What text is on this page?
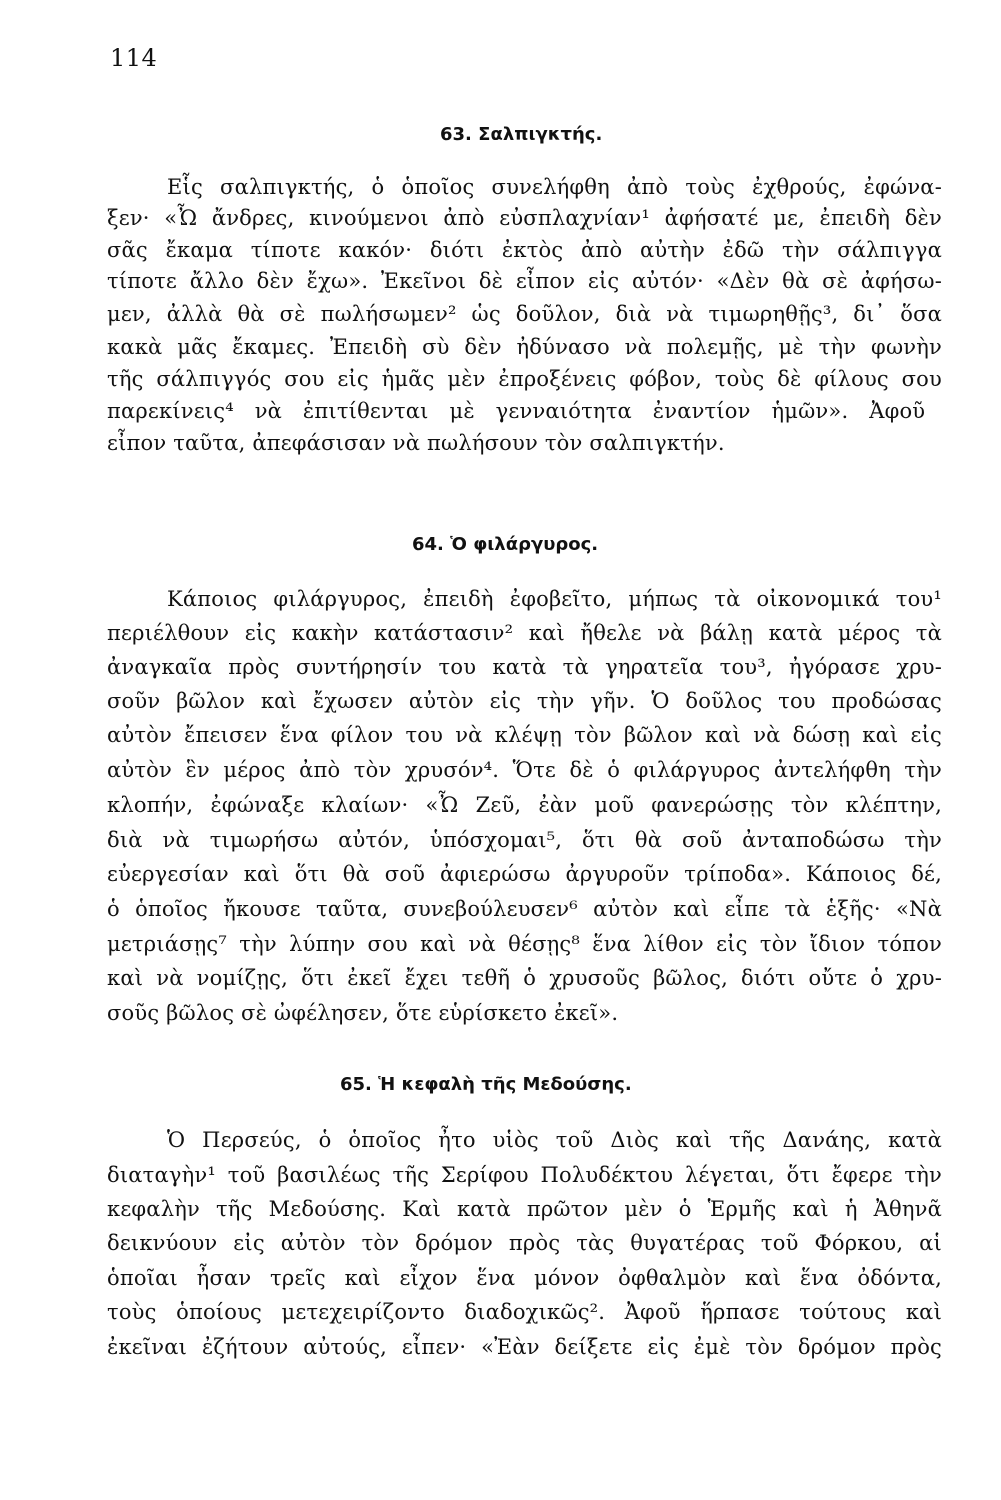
114
63. Σαλπιγκτής.
Εἷς σαλπιγκτής, ὁ ὁποῖος συνελήφθη ἀπὸ τοὺς ἐχθρούς, ἐφώνα-
ξεν· «Ὦ ἄνδρες, κινούμενοι ἀπὸ εὐσπλαχνίαν¹ ἀφήσατέ με, ἐπειδὴ δὲν
σᾶς ἔκαμα τίποτε κακόν· διότι ἐκτὸς ἀπὸ αὐτὴν ἐδῶ τὴν σάλπιγγα
τίποτε ἄλλο δὲν ἔχω». Ἐκεῖνοι δὲ εἶπον εἰς αὐτόν· «Δὲν θὰ σὲ ἀφήσω-
μεν, ἀλλὰ θὰ σὲ πωλήσωμεν² ὡς δοῦλον, διὰ νὰ τιμωρηθῇς³, δι᾽ ὅσα
κακὰ μᾶς ἔκαμες. Ἐπειδὴ σὺ δὲν ἠδύνασο νὰ πολεμῇς, μὲ τὴν φωνὴν
τῆς σάλπιγγός σου εἰς ἡμᾶς μὲν ἐπροξένεις φόβον, τοὺς δὲ φίλους σου
παρεκίνεις⁴ νὰ ἐπιτίθενται μὲ γενναιότητα ἐναντίον ἡμῶν». Ἀφοῦ
εἶπον ταῦτα, ἀπεφάσισαν νὰ πωλήσουν τὸν σαλπιγκτήν.
64. Ὁ φιλάργυρος.
Κάποιος φιλάργυρος, ἐπειδὴ ἐφοβεῖτο, μήπως τὰ οἰκονομικά του¹
περιέλθουν εἰς κακὴν κατάστασιν² καὶ ἤθελε νὰ βάλῃ κατὰ μέρος τὰ
ἀναγκαῖα πρὸς συντήρησίν του κατὰ τὰ γηρατεῖα του³, ἠγόρασε χρυ-
σοῦν βῶλον καὶ ἔχωσεν αὐτὸν εἰς τὴν γῆν. Ὁ δοῦλος του προδώσας
αὐτὸν ἔπεισεν ἕνα φίλον του νὰ κλέψῃ τὸν βῶλον καὶ νὰ δώσῃ καὶ εἰς
αὐτὸν ἓν μέρος ἀπὸ τὸν χρυσόν⁴. Ὅτε δὲ ὁ φιλάργυρος ἀντελήφθη τὴν
κλοπήν, ἐφώναξε κλαίων· «Ὦ Ζεῦ, ἐὰν μοῦ φανερώσῃς τὸν κλέπτην,
διὰ νὰ τιμωρήσω αὐτόν, ὑπόσχομαι⁵, ὅτι θὰ σοῦ ἀνταποδώσω τὴν
εὐεργεσίαν καὶ ὅτι θὰ σοῦ ἀφιερώσω ἀργυροῦν τρίποδα». Κάποιος δέ,
ὁ ὁποῖος ἤκουσε ταῦτα, συνεβούλευσεν⁶ αὐτὸν καὶ εἶπε τὰ ἑξῆς· «Νὰ
μετριάσῃς⁷ τὴν λύπην σου καὶ νὰ θέσῃς⁸ ἕνα λίθον εἰς τὸν ἴδιον τόπον
καὶ νὰ νομίζῃς, ὅτι ἐκεῖ ἔχει τεθῆ ὁ χρυσοῦς βῶλος, διότι οὔτε ὁ χρυ-
σοῦς βῶλος σὲ ὠφέλησεν, ὅτε εὑρίσκετο ἐκεῖ».
65. Ἡ κεφαλὴ τῆς Μεδούσης.
Ὁ Περσεύς, ὁ ὁποῖος ἦτο υἱὸς τοῦ Διὸς καὶ τῆς Δανάης, κατὰ
διαταγὴν¹ τοῦ βασιλέως τῆς Σερίφου Πολυδέκτου λέγεται, ὅτι ἔφερε τὴν
κεφαλὴν τῆς Μεδούσης. Καὶ κατὰ πρῶτον μὲν ὁ Ἑρμῆς καὶ ἡ Ἀθηνᾶ
δεικνύουν εἰς αὐτὸν τὸν δρόμον πρὸς τὰς θυγατέρας τοῦ Φόρκου, αἱ
ὁποῖαι ἦσαν τρεῖς καὶ εἶχον ἕνα μόνον ὀφθαλμὸν καὶ ἕνα ὀδόντα,
τοὺς ὁποίους μετεχειρίζοντο διαδοχικῶς². Ἀφοῦ ἥρπασε τούτους καὶ
ἐκεῖναι ἐζήτουν αὐτούς, εἶπεν· «Ἐὰν δείξετε εἰς ἐμὲ τὸν δρόμον πρὸς
